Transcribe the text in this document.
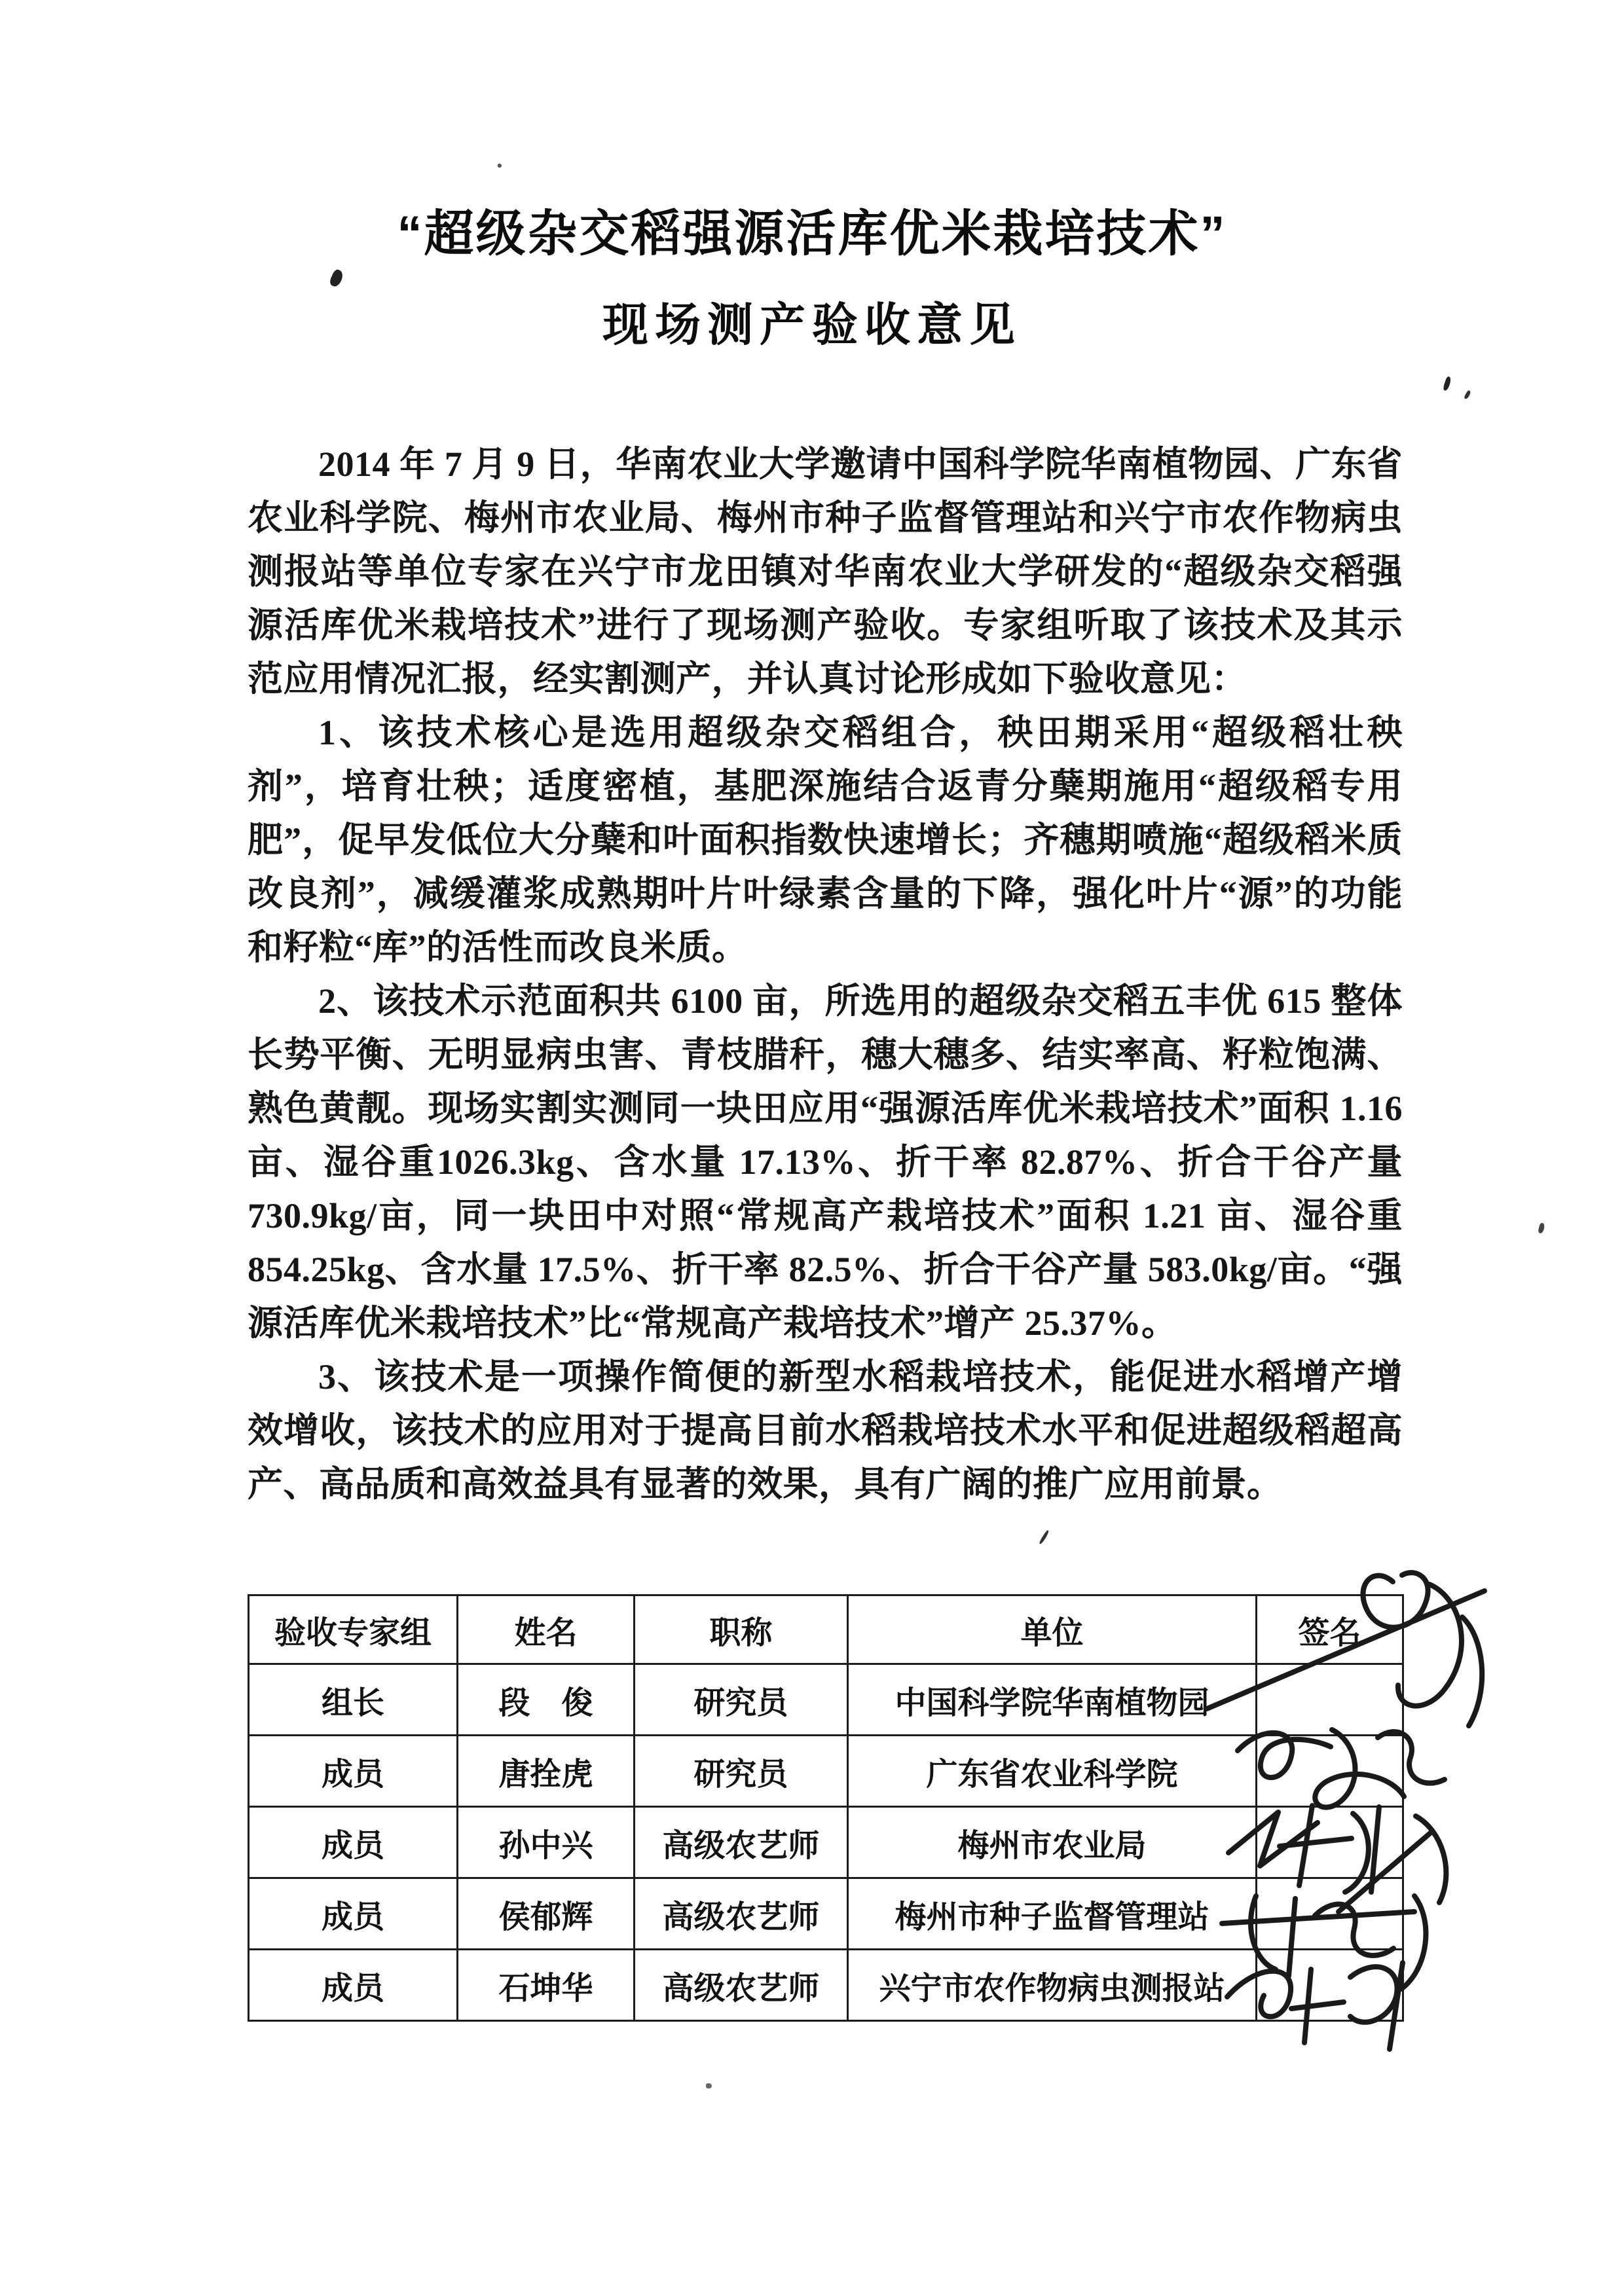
“超级杂交稻强源活库优米栽培技术”
现场测产验收意见

2014 年 7 月 9 日，华南农业大学邀请中国科学院华南植物园、广东省农业科学院、梅州市农业局、梅州市种子监督管理站和兴宁市农作物病虫测报站等单位专家在兴宁市龙田镇对华南农业大学研发的“超级杂交稻强源活库优米栽培技术”进行了现场测产验收。专家组听取了该技术及其示范应用情况汇报，经实割测产，并认真讨论形成如下验收意见：

1、该技术核心是选用超级杂交稻组合，秧田期采用“超级稻壮秧剂”，培育壮秧；适度密植，基肥深施结合返青分蘖期施用“超级稻专用肥”，促早发低位大分蘖和叶面积指数快速增长；齐穗期喷施“超级稻米质改良剂”，减缓灌浆成熟期叶片叶绿素含量的下降，强化叶片“源”的功能和籽粒“库”的活性而改良米质。

2、该技术示范面积共 6100 亩，所选用的超级杂交稻五丰优 615 整体长势平衡、无明显病虫害、青枝腊秆，穗大穗多、结实率高、籽粒饱满、熟色黄靓。现场实割实测同一块田应用“强源活库优米栽培技术”面积 1.16 亩、湿谷重1026.3kg、含水量 17.13%、折干率 82.87%、折合干谷产量 730.9kg/亩，同一块田中对照“常规高产栽培技术”面积 1.21 亩、湿谷重 854.25kg、含水量 17.5%、折干率 82.5%、折合干谷产量 583.0kg/亩。“强源活库优米栽培技术”比“常规高产栽培技术”增产 25.37%。

3、该技术是一项操作简便的新型水稻栽培技术，能促进水稻增产增效增收，该技术的应用对于提高目前水稻栽培技术水平和促进超级稻超高产、高品质和高效益具有显著的效果，具有广阔的推广应用前景。

验收专家组	姓名	职称	单位	签名
组长	段　俊	研究员	中国科学院华南植物园	
成员	唐拴虎	研究员	广东省农业科学院	
成员	孙中兴	高级农艺师	梅州市农业局	
成员	侯郁辉	高级农艺师	梅州市种子监督管理站	
成员	石坤华	高级农艺师	兴宁市农作物病虫测报站	
